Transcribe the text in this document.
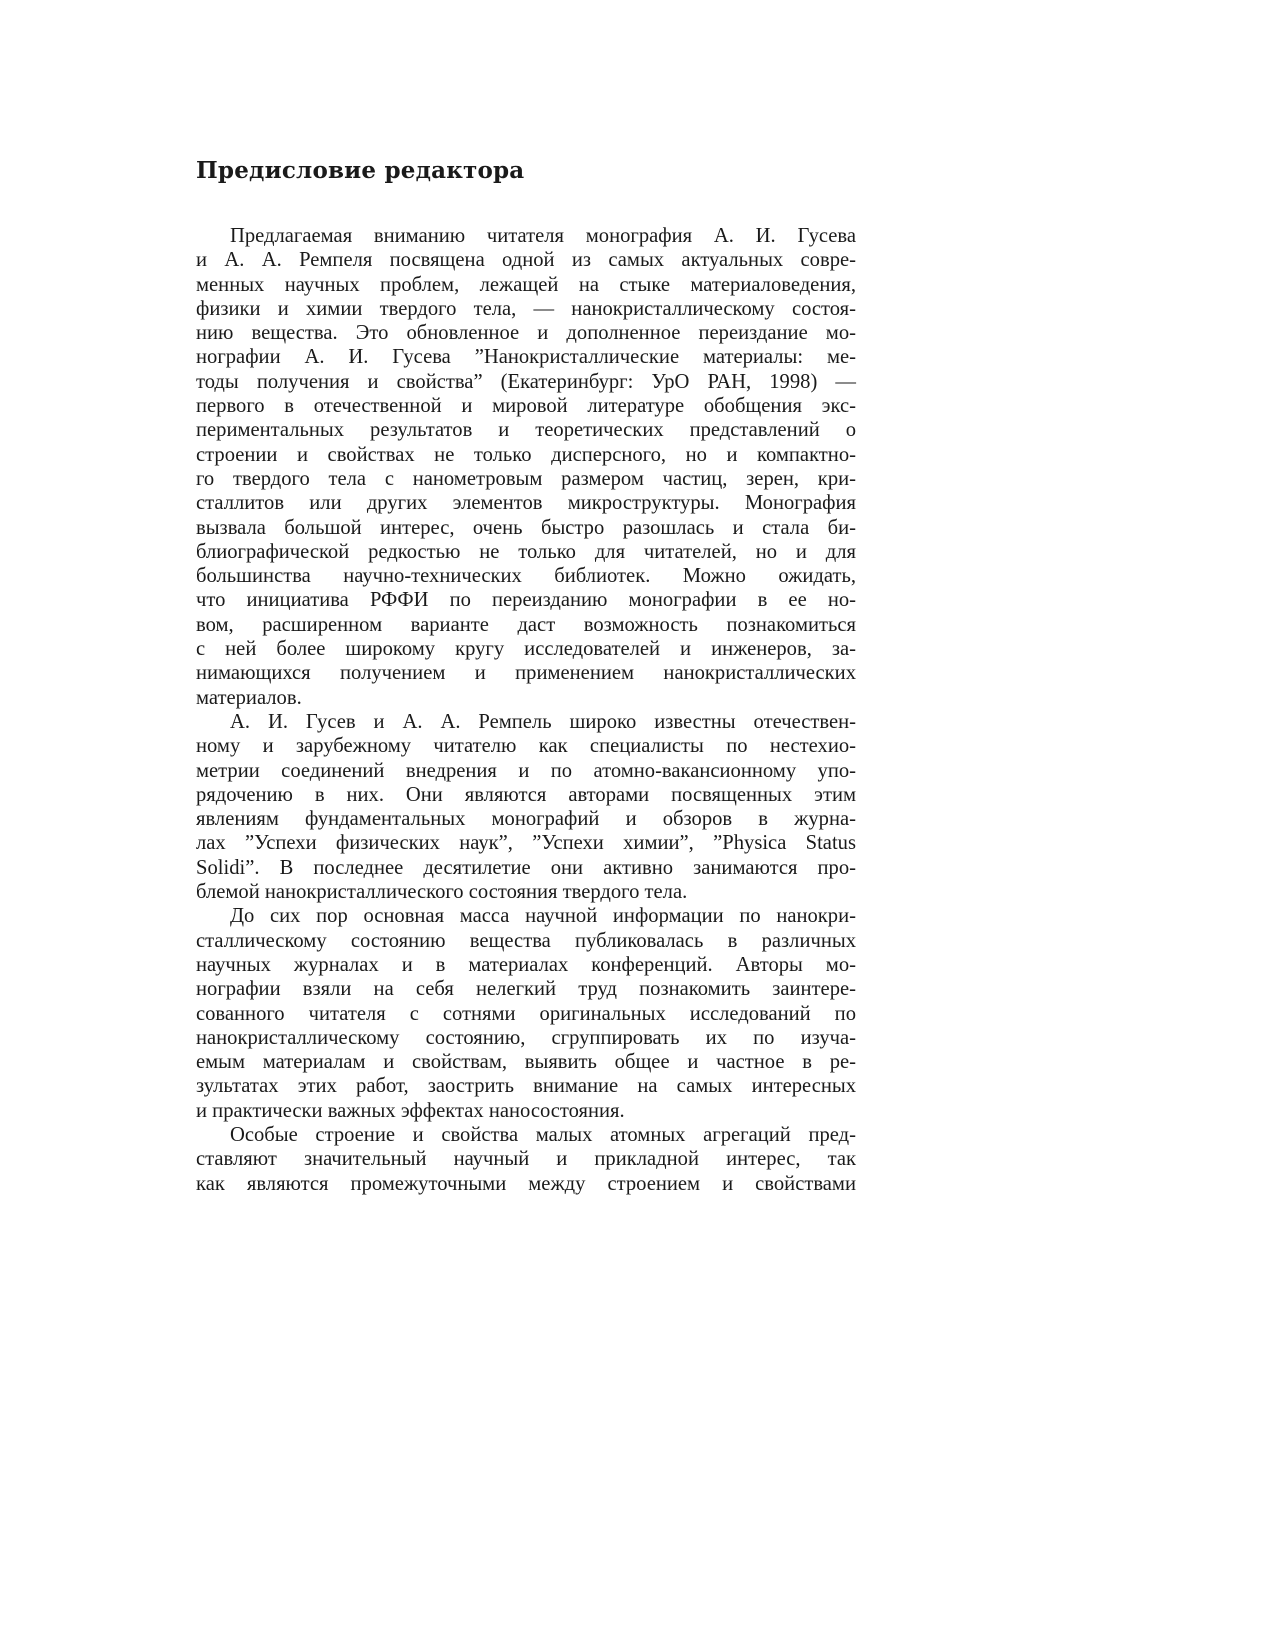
Предисловие редактора
Предлагаемая вниманию читателя монография А. И. Гусева
и А. А. Ремпеля посвящена одной из самых актуальных совре-
менных научных проблем, лежащей на стыке материаловедения,
физики и химии твердого тела, — нанокристаллическому состоя-
нию вещества. Это обновленное и дополненное переиздание мо-
нографии А. И. Гусева ”Нанокристаллические материалы: ме-
тоды получения и свойства” (Екатеринбург: УрО РАН, 1998) —
первого в отечественной и мировой литературе обобщения экс-
периментальных результатов и теоретических представлений о
строении и свойствах не только дисперсного, но и компактно-
го твердого тела с нанометровым размером частиц, зерен, кри-
сталлитов или других элементов микроструктуры. Монография
вызвала большой интерес, очень быстро разошлась и стала би-
блиографической редкостью не только для читателей, но и для
большинства научно-технических библиотек. Можно ожидать,
что инициатива РФФИ по переизданию монографии в ее но-
вом, расширенном варианте даст возможность познакомиться
с ней более широкому кругу исследователей и инженеров, за-
нимающихся получением и применением нанокристаллических
материалов.
А. И. Гусев и А. А. Ремпель широко известны отечествен-
ному и зарубежному читателю как специалисты по нестехио-
метрии соединений внедрения и по атомно-вакансионному упо-
рядочению в них. Они являются авторами посвященных этим
явлениям фундаментальных монографий и обзоров в журна-
лах ”Успехи физических наук”, ”Успехи химии”, ”Physica Status
Solidi”. В последнее десятилетие они активно занимаются про-
блемой нанокристаллического состояния твердого тела.
До сих пор основная масса научной информации по нанокри-
сталлическому состоянию вещества публиковалась в различных
научных журналах и в материалах конференций. Авторы мо-
нографии взяли на себя нелегкий труд познакомить заинтере-
сованного читателя с сотнями оригинальных исследований по
нанокристаллическому состоянию, сгруппировать их по изуча-
емым материалам и свойствам, выявить общее и частное в ре-
зультатах этих работ, заострить внимание на самых интересных
и практически важных эффектах наносостояния.
Особые строение и свойства малых атомных агрегаций пред-
ставляют значительный научный и прикладной интерес, так
как являются промежуточными между строением и свойствами
